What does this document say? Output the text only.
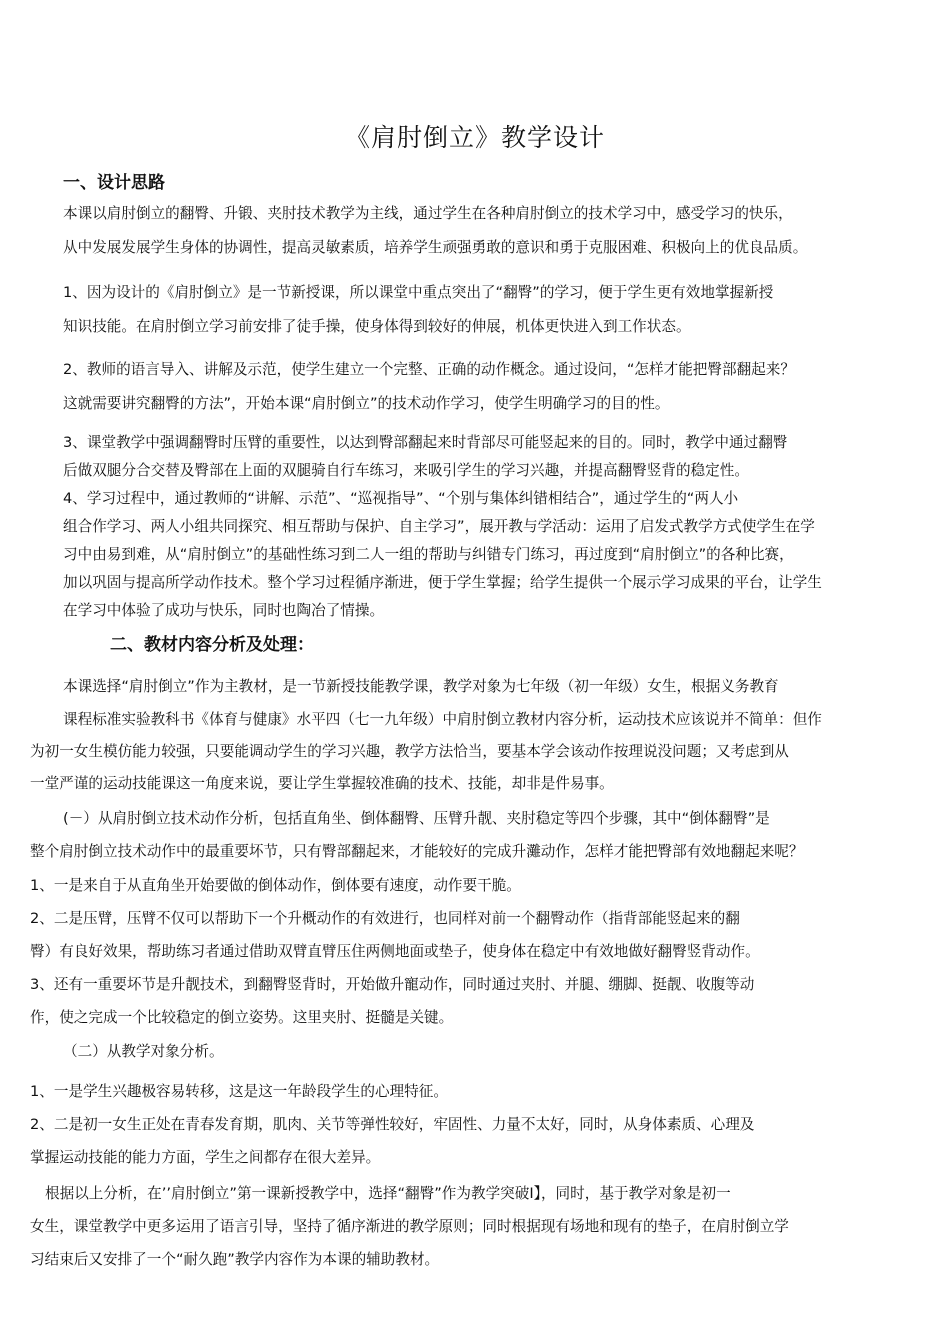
《肩肘倒立》教学设计
一、设计思路
本课以肩肘倒立的翻臀、升锻、夹肘技术教学为主线，通过学生在各种肩肘倒立的技术学习中，感受学习的快乐，
从中发展发展学生身体的协调性，提高灵敏素质，培养学生顽强勇敢的意识和勇于克服困难、积极向上的优良品质。
1、因为设计的《肩肘倒立》是一节新授课，所以课堂中重点突出了“翻臀”的学习，便于学生更有效地掌握新授
知识技能。在肩肘倒立学习前安排了徒手操，使身体得到较好的伸展，机体更快进入到工作状态。
2、教师的语言导入、讲解及示范，使学生建立一个完整、正确的动作概念。通过设问，“怎样才能把臀部翻起来？
这就需要讲究翻臀的方法”，开始本课“肩肘倒立”的技术动作学习，使学生明确学习的目的性。
3、课堂教学中强调翻臀时压臂的重要性，以达到臀部翻起来时背部尽可能竖起来的目的。同时，教学中通过翻臀
后做双腿分合交替及臀部在上面的双腿骑自行车练习，来吸引学生的学习兴趣，并提高翻臀竖背的稳定性。
4、学习过程中，通过教师的“讲解、示范”、“巡视指导”、“个别与集体纠错相结合”，通过学生的“两人小
组合作学习、两人小组共同探究、相互帮助与保护、自主学习”，展开教与学活动：运用了启发式教学方式使学生在学
习中由易到难，从“肩肘倒立”的基础性练习到二人一组的帮助与纠错专门练习，再过度到“肩肘倒立”的各种比赛，
加以巩固与提高所学动作技术。整个学习过程循序渐进，便于学生掌握；给学生提供一个展示学习成果的平台，让学生
在学习中体验了成功与快乐，同时也陶冶了情操。
二、教材内容分析及处理：
本课选择“肩肘倒立”作为主教材，是一节新授技能教学课，教学对象为七年级（初一年级）女生，根据义务教育
课程标准实验教科书《体育与健康》水平四（七一九年级）中肩肘倒立教材内容分析，运动技术应该说并不简单：但作
为初一女生模仿能力较强，只要能调动学生的学习兴趣，教学方法恰当，要基本学会该动作按理说没问题；又考虑到从
一堂严谨的运动技能课这一角度来说，要让学生掌握较准确的技术、技能，却非是件易事。
(－）从肩肘倒立技术动作分析，包括直角坐、倒体翻臀、压臂升靓、夹肘稳定等四个步骤，其中“倒体翻臀”是
整个肩肘倒立技术动作中的最重要坏节，只有臀部翻起来，才能较好的完成升灘动作，怎样才能把臀部有效地翻起来呢？
1、一是来自于从直角坐开始要做的倒体动作，倒体要有速度，动作要干脆。
2、二是压臂，压臂不仅可以帮助下一个升概动作的有效进行，也同样对前一个翻臀动作（指背部能竖起来的翻
臀）有良好效果，帮助练习者通过借助双臂直臂压住两侧地面或垫子，使身体在稳定中有效地做好翻臀竖背动作。
3、还有一重要坏节是升靓技术，到翻臀竖背时，开始做升寵动作，同时通过夹肘、并腿、绷脚、挺靓、收腹等动
作，使之完成一个比较稳定的倒立姿势。这里夹肘、挺髓是关键。
（二）从教学对象分析。
1、一是学生兴趣极容易转移，这是这一年龄段学生的心理特征。
2、二是初一女生正处在青春发育期，肌肉、关节等弹性较好，牢固性、力量不太好，同时，从身体素质、心理及
掌握运动技能的能力方面，学生之间都存在很大差异。
根据以上分析，在’’肩肘倒立”第一课新授教学中，选择“翻臀”作为教学突破Ⅰ】，同时，基于教学对象是初一
女生，课堂教学中更多运用了语言引导，坚持了循序渐进的教学原则；同时根据现有场地和现有的垫子，在肩肘倒立学
习结束后又安排了一个“耐久跑”教学内容作为本课的辅助教材。
